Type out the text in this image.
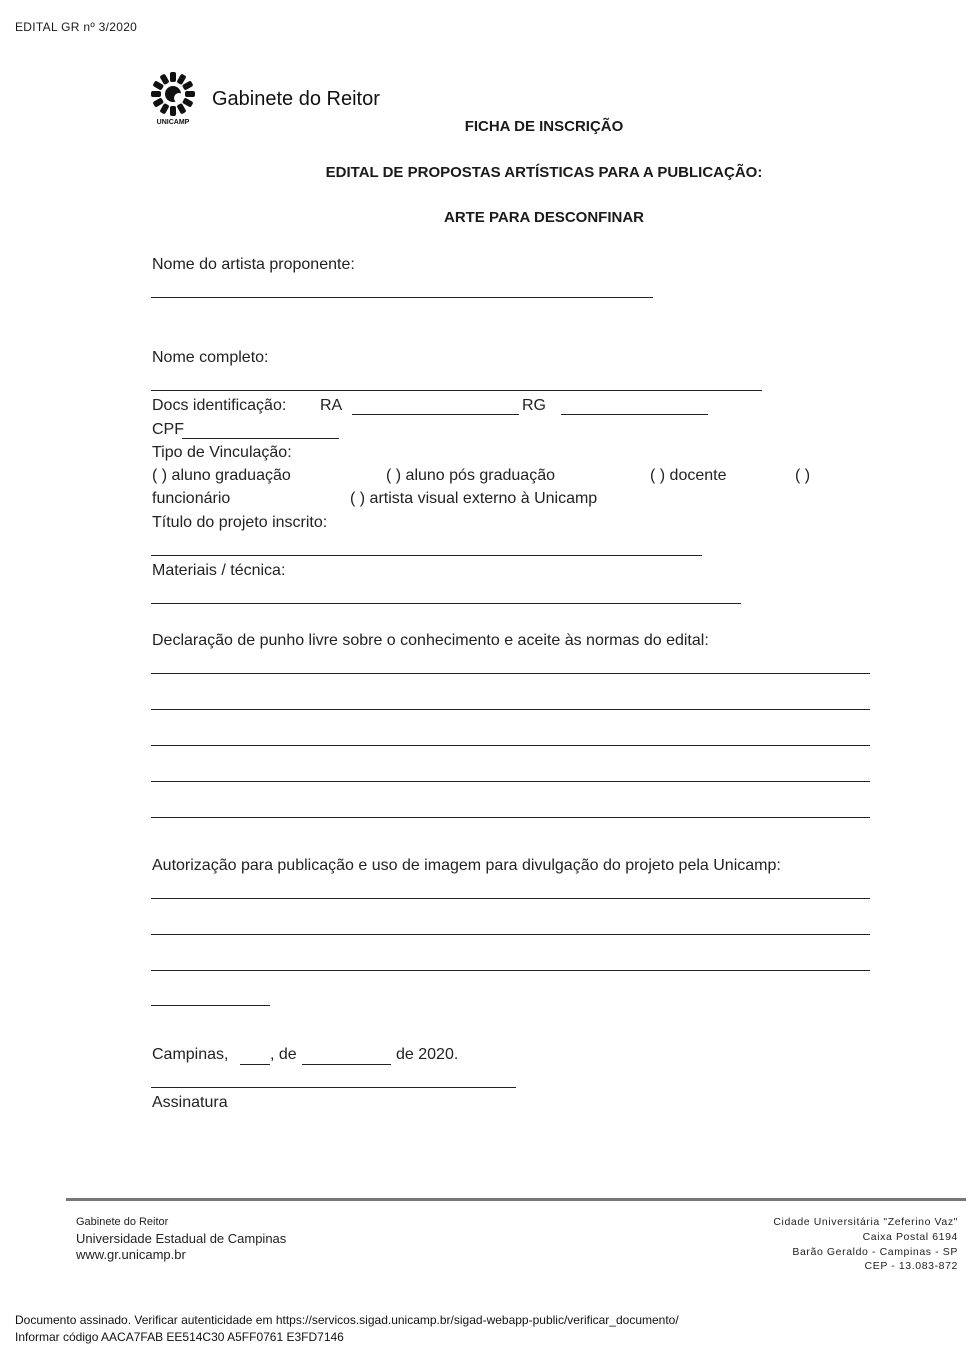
EDITAL GR nº 3/2020
UNICAMP
Gabinete do Reitor
FICHA DE INSCRIÇÃO
EDITAL DE PROPOSTAS ARTÍSTICAS PARA A PUBLICAÇÃO:
ARTE PARA DESCONFINAR
Nome do artista proponente:
Nome completo:
Docs identificação: RA	RG
CPF
Tipo de Vinculação:
( ) aluno graduação	( ) aluno pós graduação	( ) docente	( )
funcionário	( ) artista visual externo à Unicamp
Título do projeto inscrito:
Materiais / técnica:
Declaração de punho livre sobre o conhecimento e aceite às normas do edital:
Autorização para publicação e uso de imagem para divulgação do projeto pela Unicamp:
Campinas,	, de	de 2020.
Assinatura
Gabinete do Reitor
Universidade Estadual de Campinas
www.gr.unicamp.br
Cidade Universitária "Zeferino Vaz"
Caixa Postal 6194
Barão Geraldo - Campinas - SP
CEP - 13.083-872
Documento assinado. Verificar autenticidade em https://servicos.sigad.unicamp.br/sigad-webapp-public/verificar_documento/
Informar código AACA7FAB EE514C30 A5FF0761 E3FD7146
